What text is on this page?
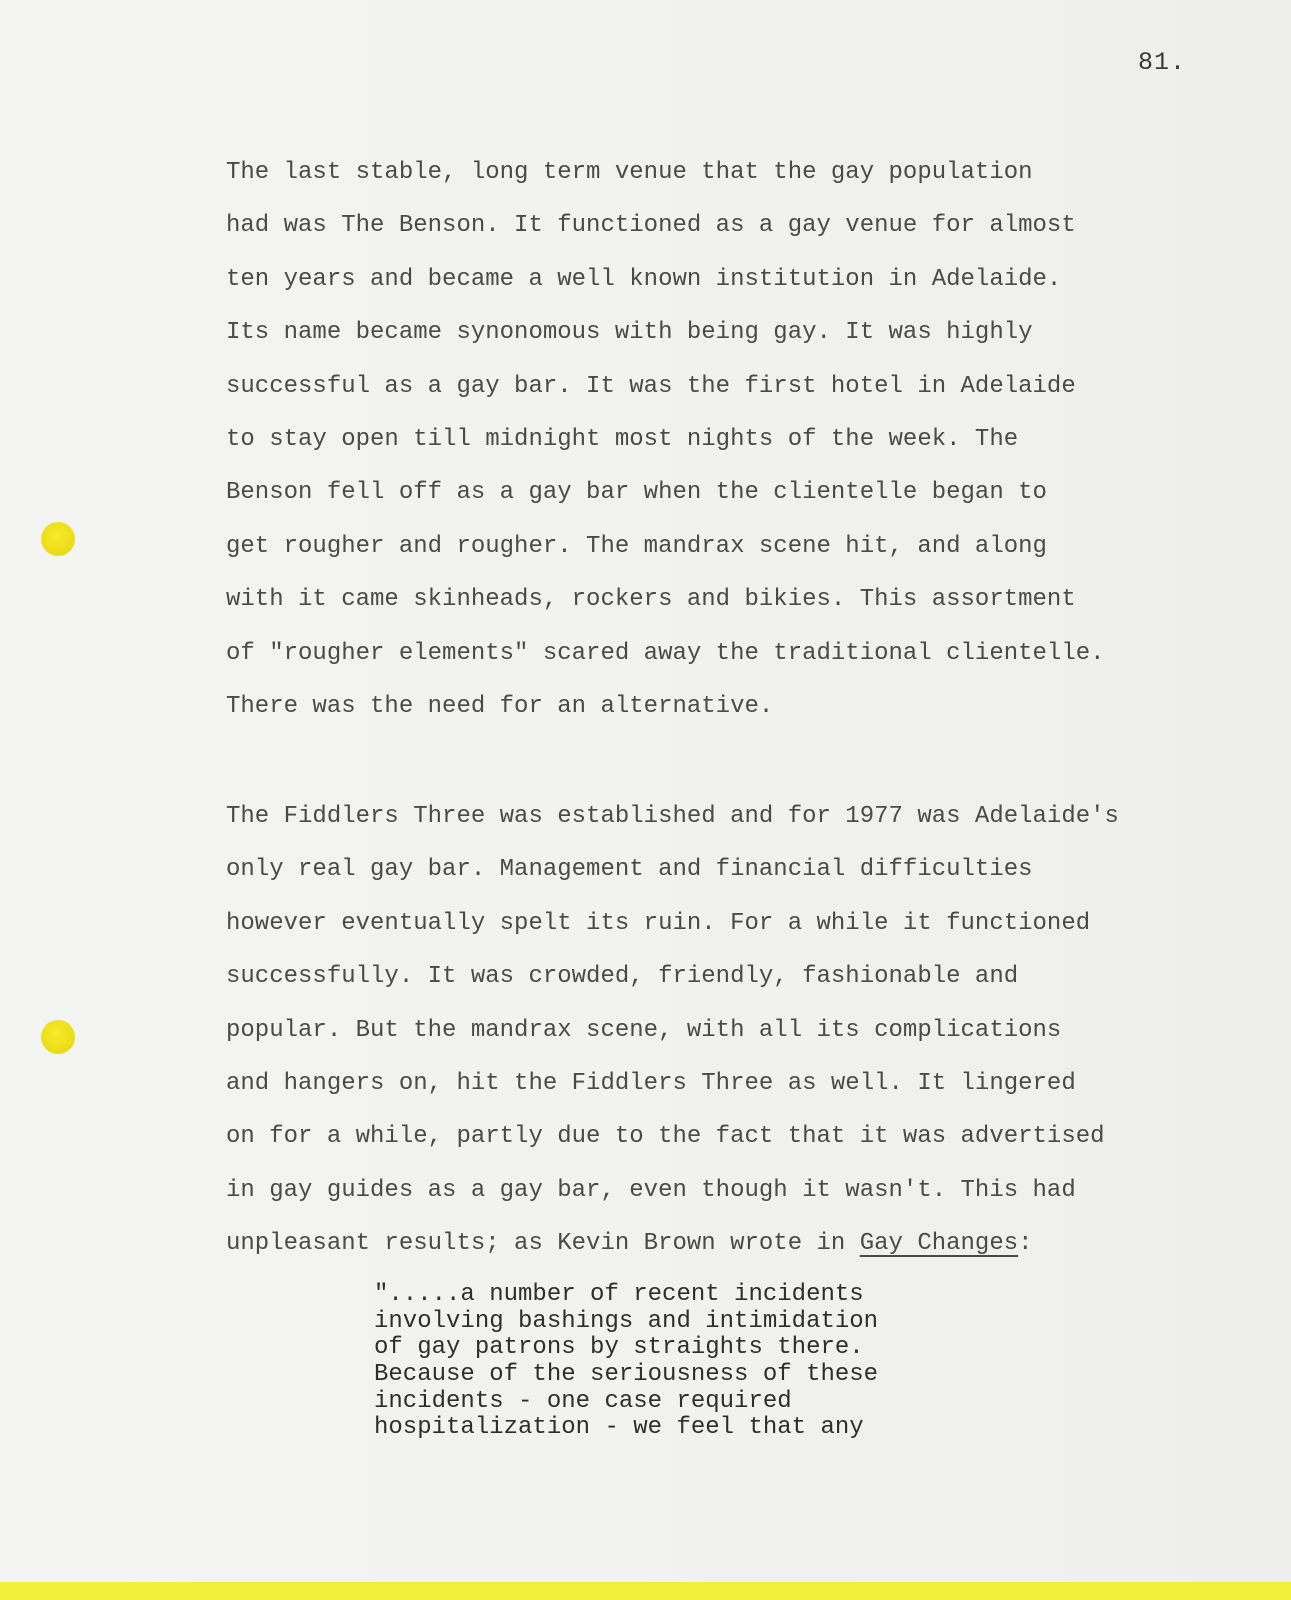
81.
The last stable, long term venue that the gay population
had was The Benson. It functioned as a gay venue for almost
ten years and became a well known institution in Adelaide.
Its name became synonomous with being gay. It was highly
successful as a gay bar. It was the first hotel in Adelaide
to stay open till midnight most nights of the week. The
Benson fell off as a gay bar when the clientelle began to
get rougher and rougher. The mandrax scene hit, and along
with it came skinheads, rockers and bikies. This assortment
of "rougher elements" scared away the traditional clientelle.
There was the need for an alternative.
The Fiddlers Three was established and for 1977 was Adelaide's
only real gay bar. Management and financial difficulties
however eventually spelt its ruin. For a while it functioned
successfully. It was crowded, friendly, fashionable and
popular. But the mandrax scene, with all its complications
and hangers on, hit the Fiddlers Three as well. It lingered
on for a while, partly due to the fact that it was advertised
in gay guides as a gay bar, even though it wasn't. This had
unpleasant results; as Kevin Brown wrote in Gay Changes:
".....a number of recent incidents
involving bashings and intimidation
of gay patrons by straights there.
Because of the seriousness of these
incidents - one case required
hospitalization - we feel that any
